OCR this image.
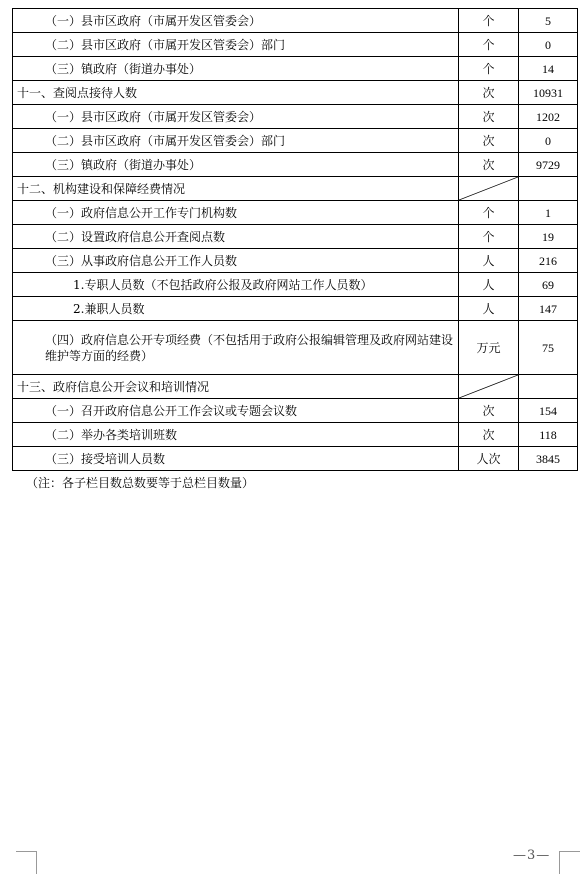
（一）县市区政府（市属开发区管委会）	个	5
（二）县市区政府（市属开发区管委会）部门	个	0
（三）镇政府（街道办事处）	个	14
十一、查阅点接待人数	次	10931
（一）县市区政府（市属开发区管委会）	次	1202
（二）县市区政府（市属开发区管委会）部门	次	0
（三）镇政府（街道办事处）	次	9729
十二、机构建设和保障经费情况	

（一）政府信息公开工作专门机构数	个	1
（二）设置政府信息公开查阅点数	个	19
（三）从事政府信息公开工作人员数	人	216
1.专职人员数（不包括政府公报及政府网站工作人员数）	人	69
2.兼职人员数	人	147
（四）政府信息公开专项经费（不包括用于政府公报编辑管理及政府网站建设维护等方面的经费）	万元	75
十三、政府信息公开会议和培训情况	

（一）召开政府信息公开工作会议或专题会议数	次	154
（二）举办各类培训班数	次	118
（三）接受培训人员数	人次	3845
（注：各子栏目数总数要等于总栏目数量）
—3—
